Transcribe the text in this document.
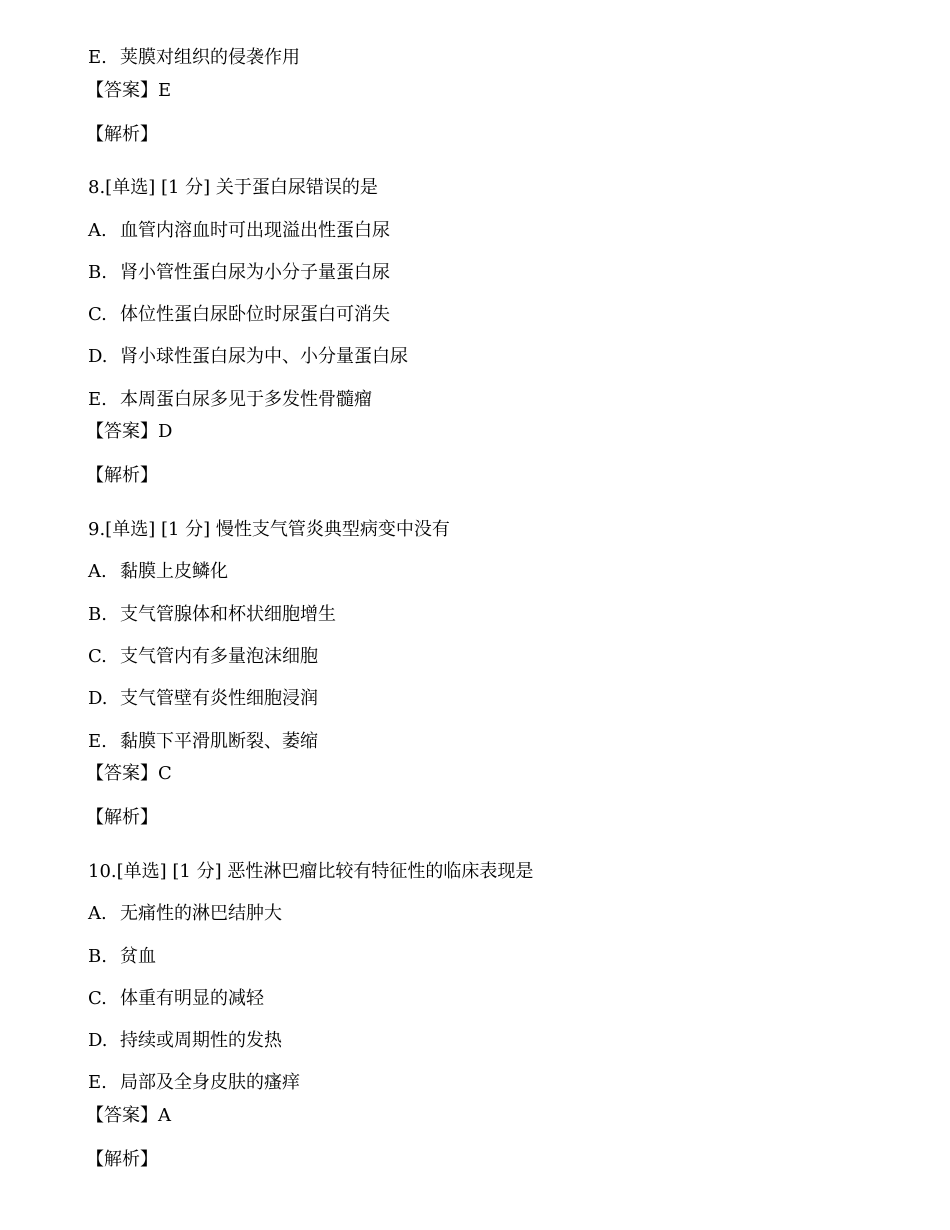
E. 荚膜对组织的侵袭作用
【答案】E
【解析】
8.[单选] [1 分] 关于蛋白尿错误的是
A. 血管内溶血时可出现溢出性蛋白尿
B. 肾小管性蛋白尿为小分子量蛋白尿
C. 体位性蛋白尿卧位时尿蛋白可消失
D. 肾小球性蛋白尿为中、小分量蛋白尿
E. 本周蛋白尿多见于多发性骨髓瘤
【答案】D
【解析】
9.[单选] [1 分] 慢性支气管炎典型病变中没有
A. 黏膜上皮鳞化
B. 支气管腺体和杯状细胞增生
C. 支气管内有多量泡沫细胞
D. 支气管壁有炎性细胞浸润
E. 黏膜下平滑肌断裂、萎缩
【答案】C
【解析】
10.[单选] [1 分] 恶性淋巴瘤比较有特征性的临床表现是
A. 无痛性的淋巴结肿大
B. 贫血
C. 体重有明显的减轻
D. 持续或周期性的发热
E. 局部及全身皮肤的瘙痒
【答案】A
【解析】
